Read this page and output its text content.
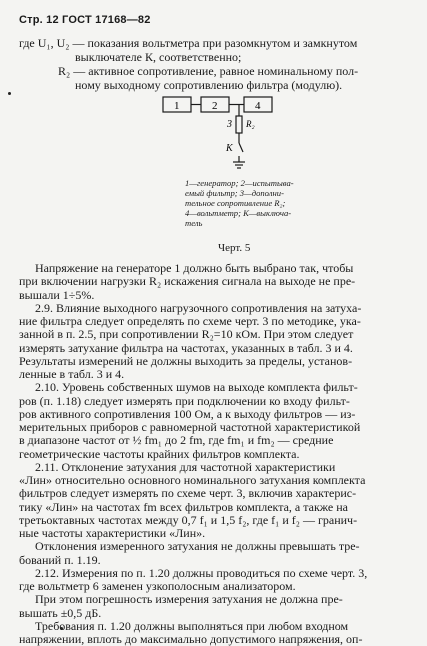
Стр. 12 ГОСТ 17168—82
где U₁, U₂ — показания вольтметра при разомкнутом и замкнутом
выключателе К, соответственно;
R₂ — активное сопротивление, равное номинальному пол-
ному выходному сопротивлению фильтра (модулю).
1	2	4
3 R₂
К
1—генератор; 2—испытыва-
емый фильтр; 3—дополни-
тельное сопротивление R₂;
4—вольтметр; К—выключа-
тель
Черт. 5
Напряжение на генераторе 1 должно быть выбрано так, чтобы
при включении нагрузки R₂ искажения сигнала на выходе не пре-
вышали 1÷5%.
2.9. Влияние выходного нагрузочного сопротивления на затуха-
ние фильтра следует определять по схеме черт. 3 по методике, ука-
занной в п. 2.5, при сопротивлении R₂=10 кОм. При этом следует
измерять затухание фильтра на частотах, указанных в табл. 3 и 4.
Результаты измерений не должны выходить за пределы, установ-
ленные в табл. 3 и 4.
2.10. Уровень собственных шумов на выходе комплекта фильт-
ров (п. 1.18) следует измерять при подключении ко входу фильт-
ров активного сопротивления 100 Ом, а к выходу фильтров — из-
мерительных приборов с равномерной частотной характеристикой
в диапазоне частот от ½ fm₁ до 2 fm, где fm₁ и fm₂ — средние
геометрические частоты крайних фильтров комплекта.
2.11. Отклонение затухания для частотной характеристики
«Лин» относительно основного номинального затухания комплекта
фильтров следует измерять по схеме черт. 3, включив характерис-
тику «Лин» на частотах fm всех фильтров комплекта, а также на
третьоктавных частотах между 0,7 f₁ и 1,5 f₂, где f₁ и f₂ — гранич-
ные частоты характеристики «Лин».
Отклонения измеренного затухания не должны превышать тре-
бований п. 1.19.
2.12. Измерения по п. 1.20 должны проводиться по схеме черт. 3,
где вольтметр 6 заменен узкополосным анализатором.
При этом погрешность измерения затухания не должна пре-
вышать ±0,5 дБ.
Требования п. 1.20 должны выполняться при любом входном
напряжении, вплоть до максимально допустимого напряжения, оп-
